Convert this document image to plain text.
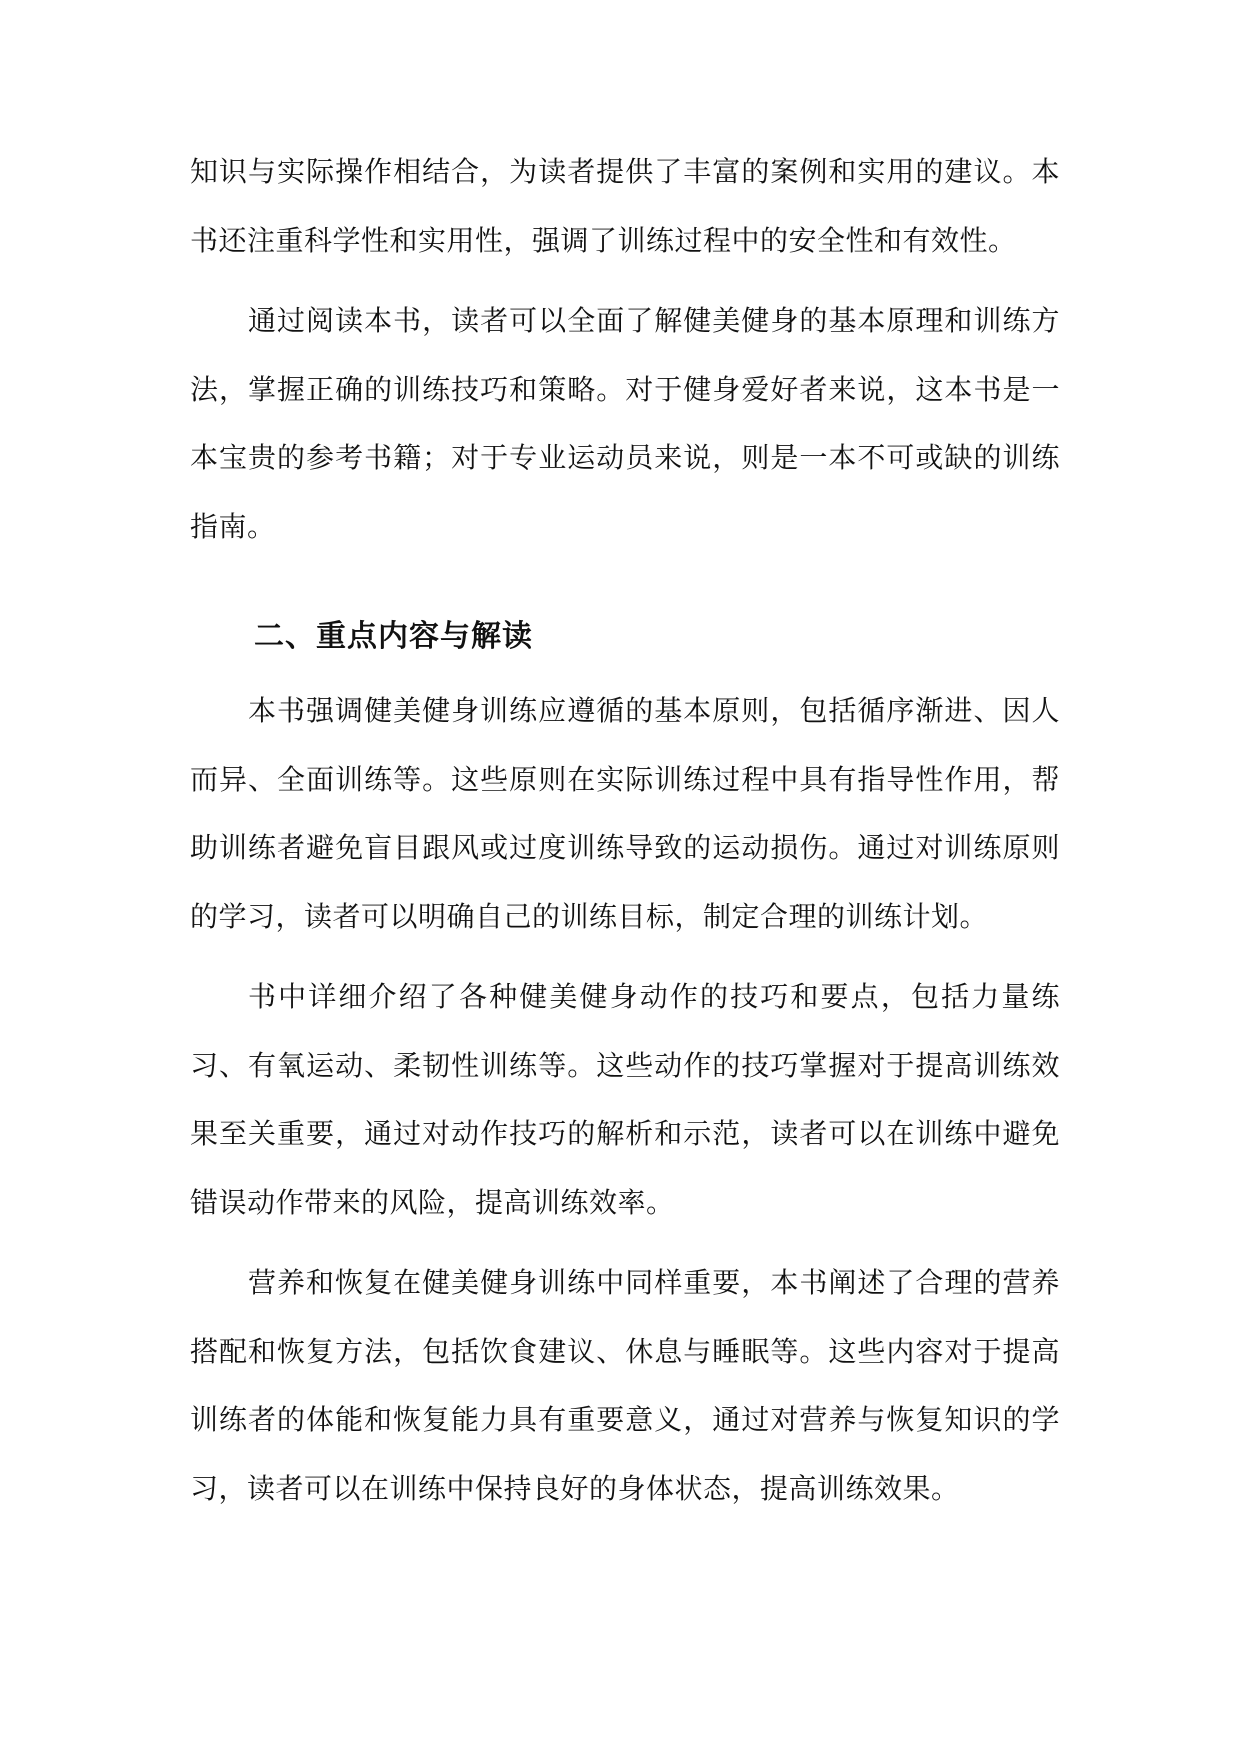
知识与实际操作相结合，为读者提供了丰富的案例和实用的建议。本书还注重科学性和实用性，强调了训练过程中的安全性和有效性。

通过阅读本书，读者可以全面了解健美健身的基本原理和训练方法，掌握正确的训练技巧和策略。对于健身爱好者来说，这本书是一本宝贵的参考书籍；对于专业运动员来说，则是一本不可或缺的训练指南。

二、重点内容与解读

本书强调健美健身训练应遵循的基本原则，包括循序渐进、因人而异、全面训练等。这些原则在实际训练过程中具有指导性作用，帮助训练者避免盲目跟风或过度训练导致的运动损伤。通过对训练原则的学习，读者可以明确自己的训练目标，制定合理的训练计划。

书中详细介绍了各种健美健身动作的技巧和要点，包括力量练习、有氧运动、柔韧性训练等。这些动作的技巧掌握对于提高训练效果至关重要，通过对动作技巧的解析和示范，读者可以在训练中避免错误动作带来的风险，提高训练效率。

营养和恢复在健美健身训练中同样重要，本书阐述了合理的营养搭配和恢复方法，包括饮食建议、休息与睡眠等。这些内容对于提高训练者的体能和恢复能力具有重要意义，通过对营养与恢复知识的学习，读者可以在训练中保持良好的身体状态，提高训练效果。
